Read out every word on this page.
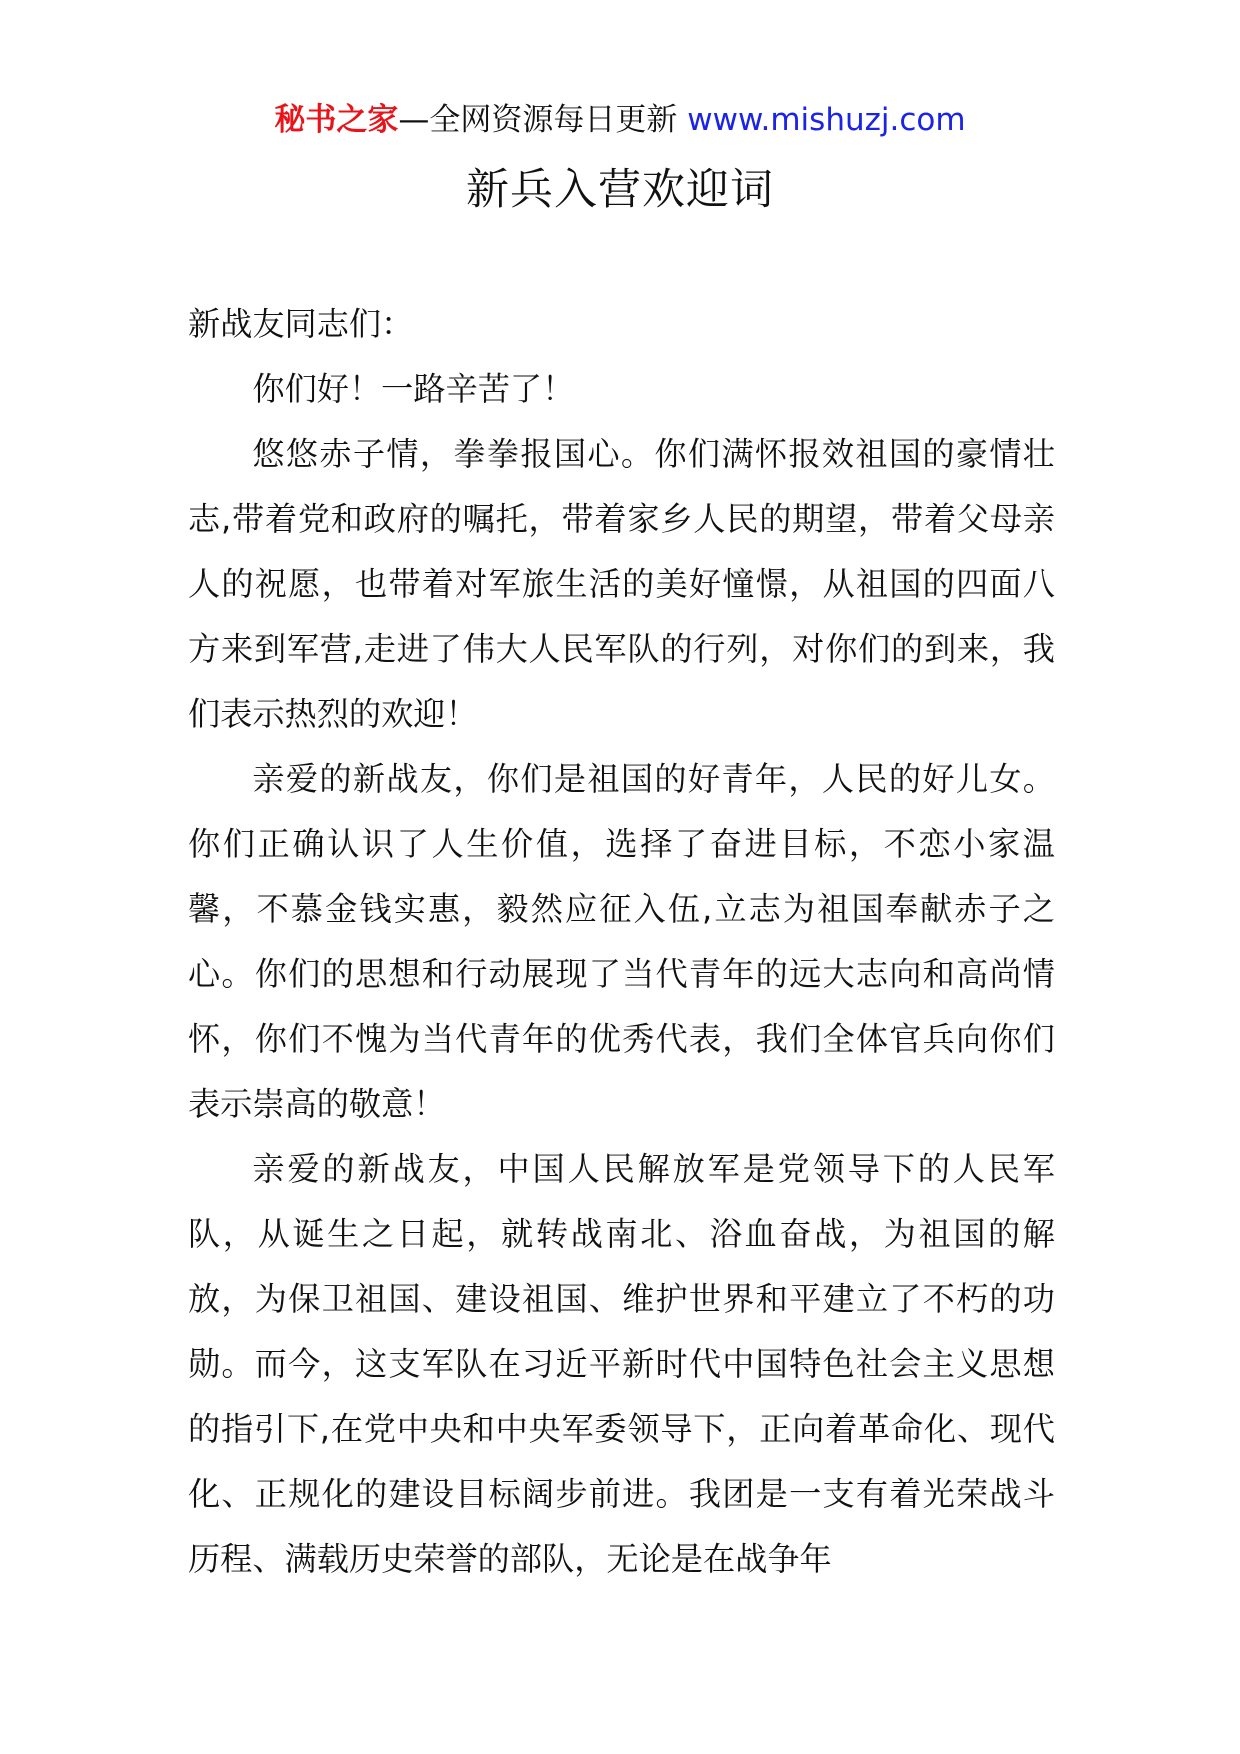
秘书之家—全网资源每日更新 www.mishuzj.com
新兵入营欢迎词

新战友同志们：

你们好！一路辛苦了！

悠悠赤子情，拳拳报国心。你们满怀报效祖国的豪情壮志,带着党和政府的嘱托，带着家乡人民的期望，带着父母亲人的祝愿，也带着对军旅生活的美好憧憬，从祖国的四面八方来到军营,走进了伟大人民军队的行列，对你们的到来，我们表示热烈的欢迎！

亲爱的新战友，你们是祖国的好青年，人民的好儿女。你们正确认识了人生价值，选择了奋进目标，不恋小家温馨，不慕金钱实惠，毅然应征入伍,立志为祖国奉献赤子之心。你们的思想和行动展现了当代青年的远大志向和高尚情怀，你们不愧为当代青年的优秀代表，我们全体官兵向你们表示崇高的敬意！

亲爱的新战友，中国人民解放军是党领导下的人民军队，从诞生之日起，就转战南北、浴血奋战，为祖国的解放，为保卫祖国、建设祖国、维护世界和平建立了不朽的功勋。而今，这支军队在习近平新时代中国特色社会主义思想的指引下,在党中央和中央军委领导下，正向着革命化、现代化、正规化的建设目标阔步前进。我团是一支有着光荣战斗历程、满载历史荣誉的部队，无论是在战争年
